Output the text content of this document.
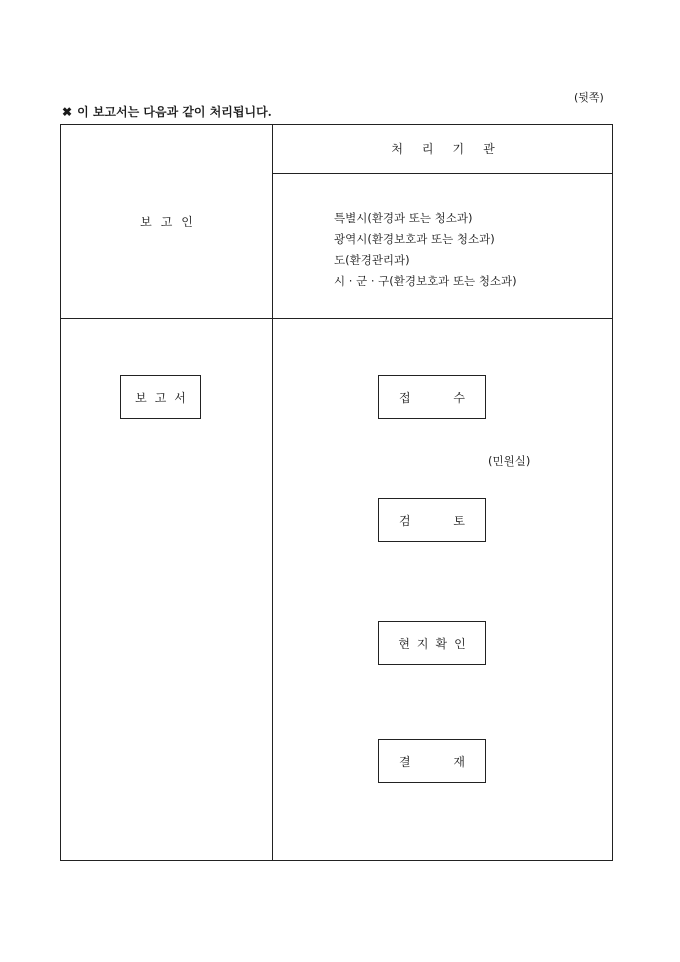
(뒷쪽)
✖ 이 보고서는 다음과 같이 처리됩니다.
처리기관
보고인	특별시(환경과 또는 청소과)
광역시(환경보호과 또는 청소과)
도(환경관리과)
시 · 군 · 구(환경보호과 또는 청소과)
보고서	접	수
(민원실)
검	토
현지확인
결	재
